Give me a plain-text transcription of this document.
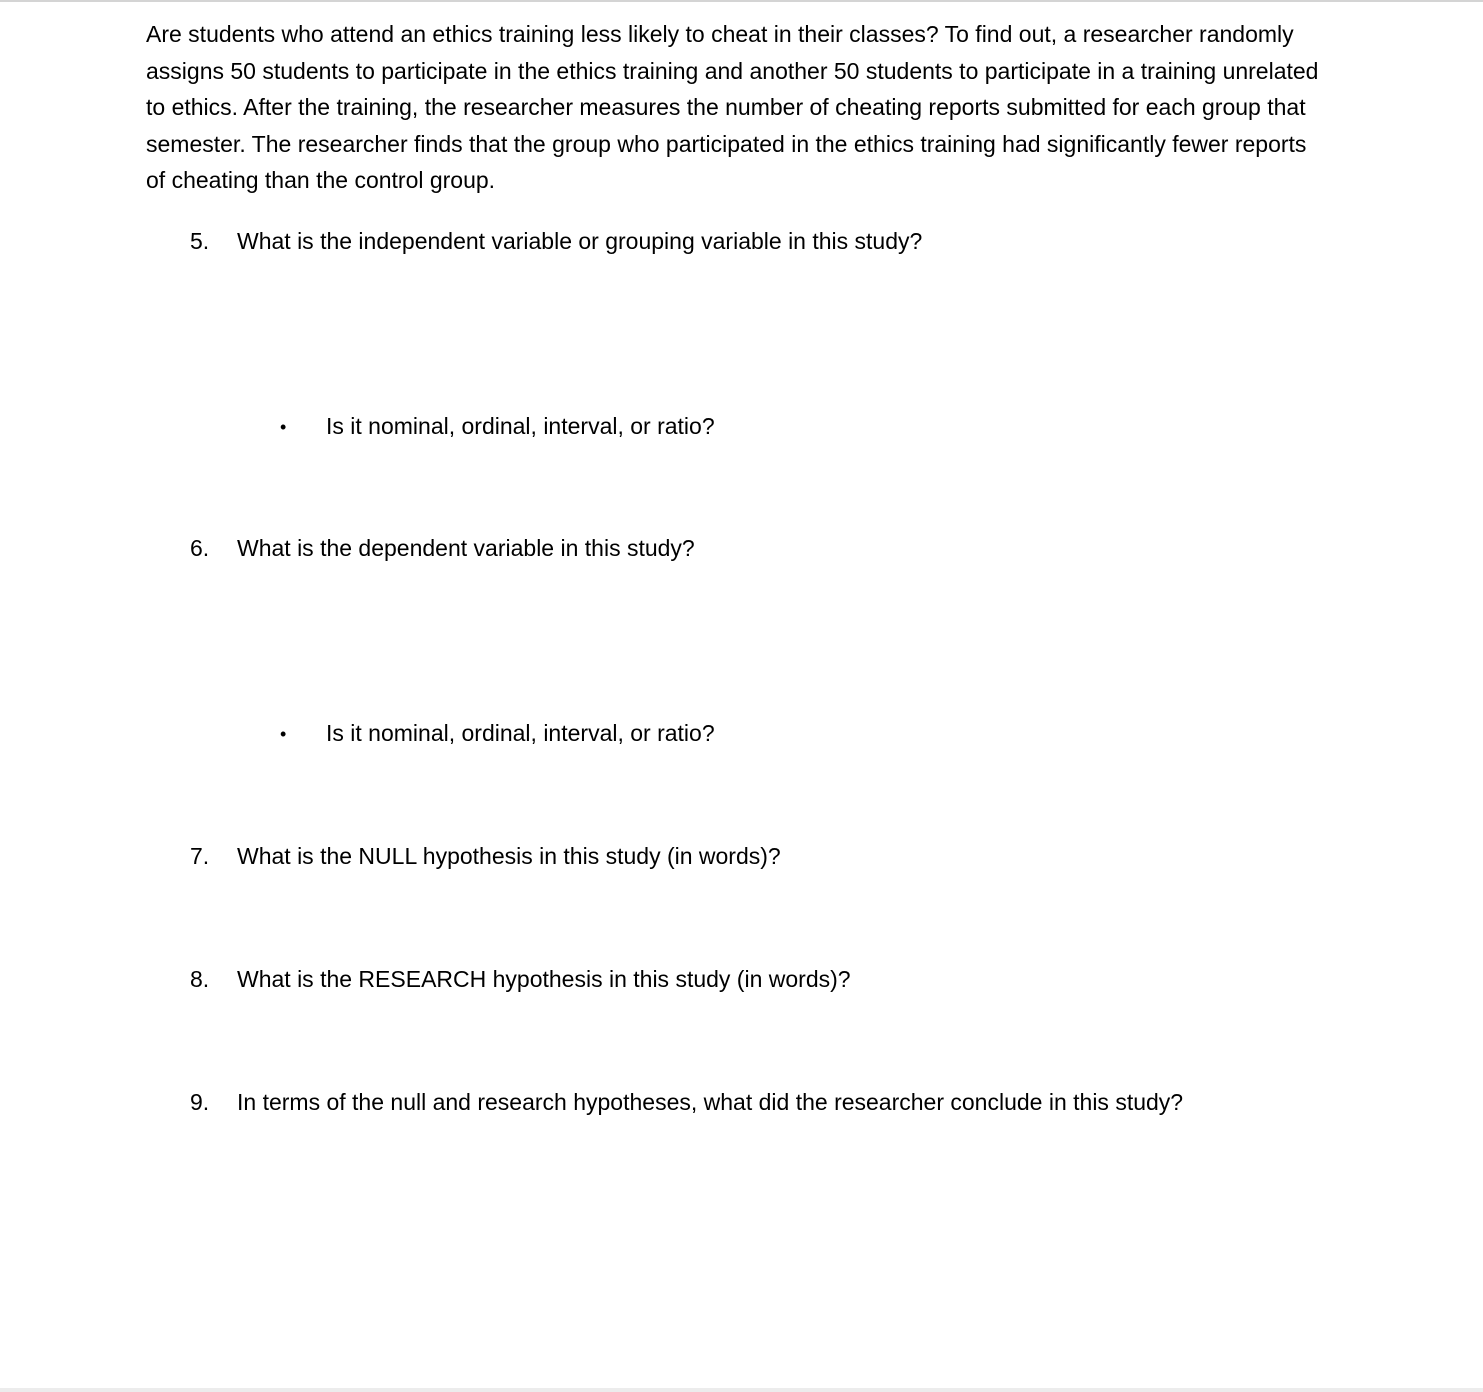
Are students who attend an ethics training less likely to cheat in their classes? To find out, a researcher randomly assigns 50 students to participate in the ethics training and another 50 students to participate in a training unrelated to ethics. After the training, the researcher measures the number of cheating reports submitted for each group that semester. The researcher finds that the group who participated in the ethics training had significantly fewer reports of cheating than the control group.

5. What is the independent variable or grouping variable in this study?
• Is it nominal, ordinal, interval, or ratio?
6. What is the dependent variable in this study?
• Is it nominal, ordinal, interval, or ratio?
7. What is the NULL hypothesis in this study (in words)?
8. What is the RESEARCH hypothesis in this study (in words)?
9. In terms of the null and research hypotheses, what did the researcher conclude in this study?
